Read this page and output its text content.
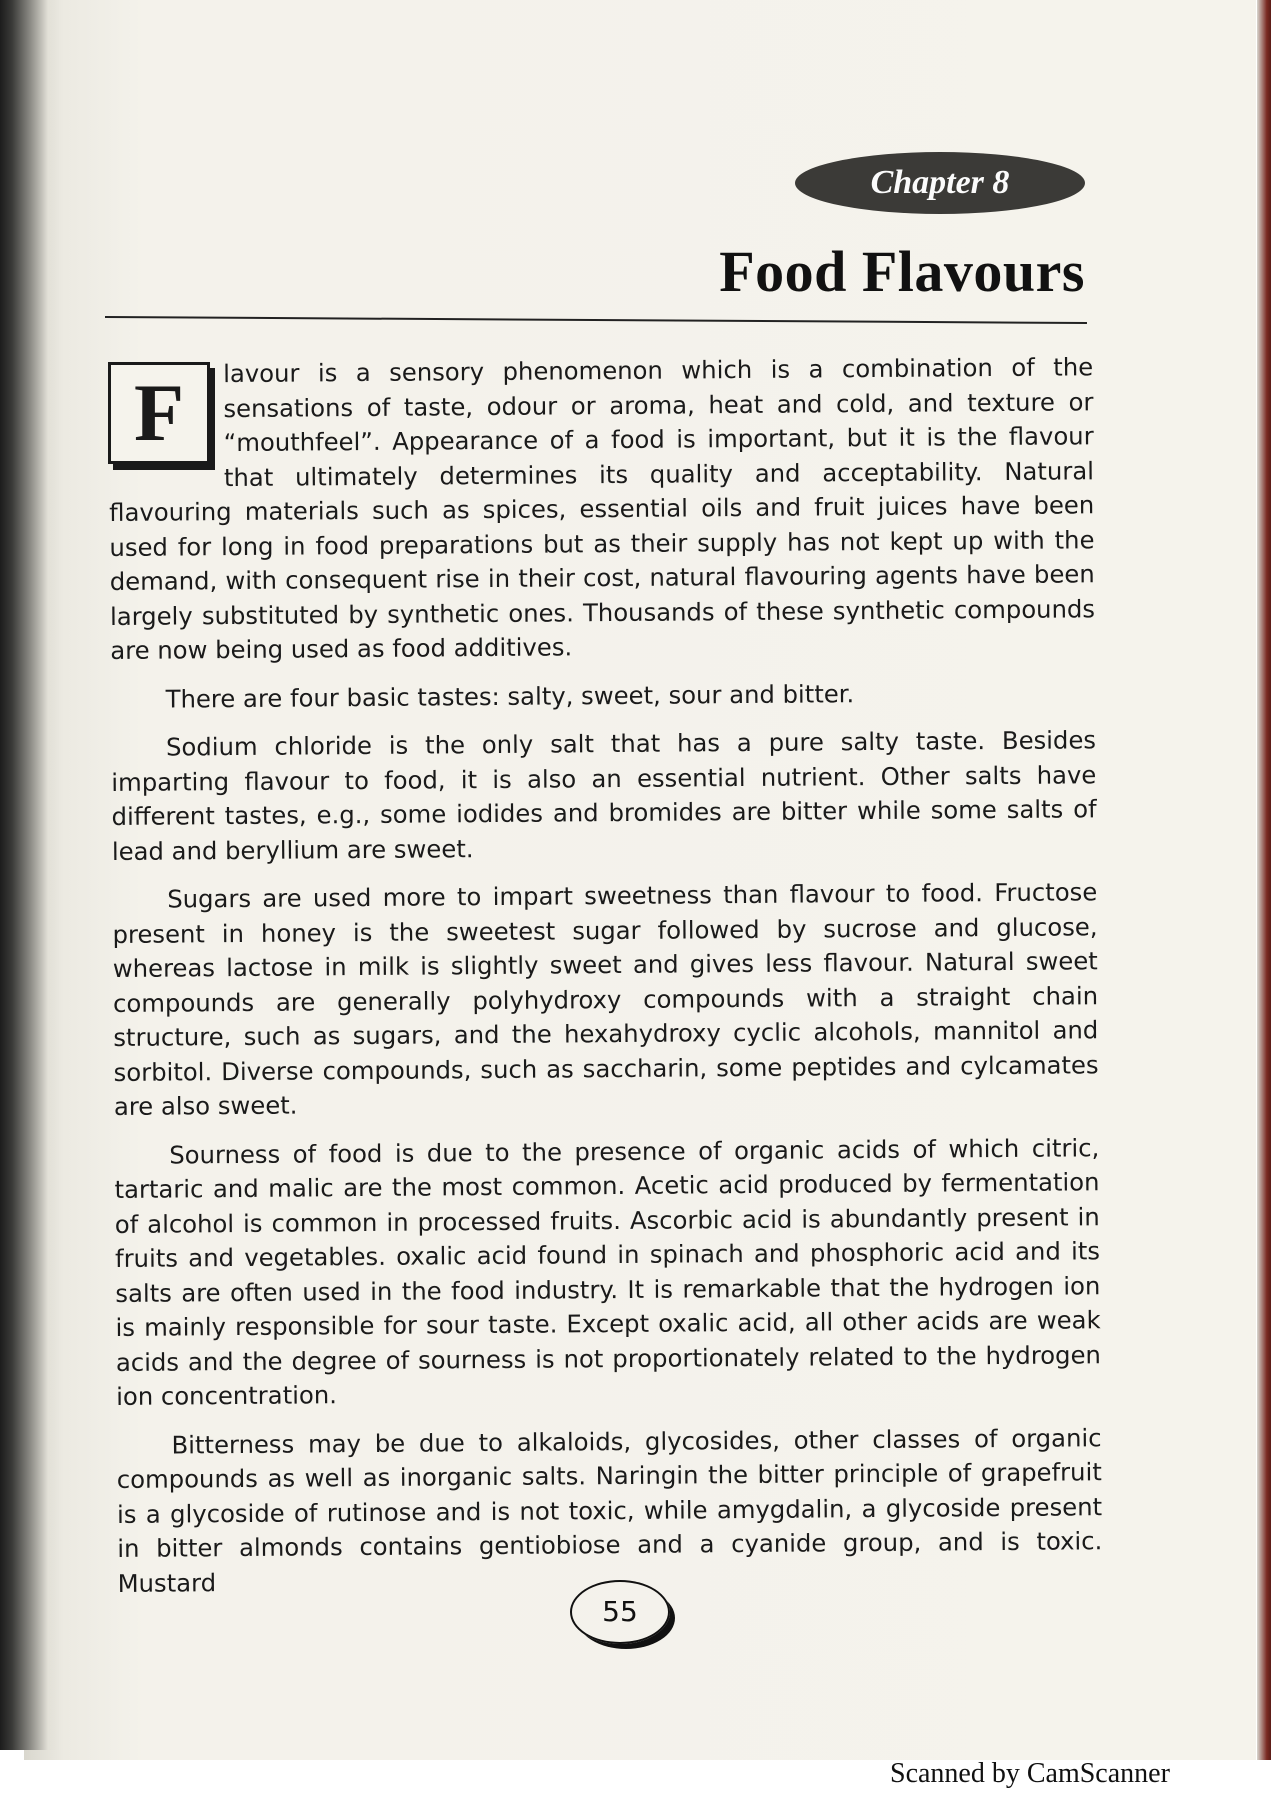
Chapter 8
Food Flavours
F	lavour is a sensory phenomenon which is a combination of the sensations of taste, odour or aroma, heat and cold, and texture or “mouthfeel”. Appearance of a food is important, but it is the flavour that ultimately determines its quality and acceptability. Natural flavouring materials such as spices, essential oils and fruit juices have been used for long in food preparations but as their supply has not kept up with the demand, with consequent rise in their cost, natural flavouring agents have been largely substituted by synthetic ones. Thousands of these synthetic compounds are now being used as food additives.

There are four basic tastes: salty, sweet, sour and bitter.

Sodium chloride is the only salt that has a pure salty taste. Besides imparting flavour to food, it is also an essential nutrient. Other salts have different tastes, e.g., some iodides and bromides are bitter while some salts of lead and beryllium are sweet.

Sugars are used more to impart sweetness than flavour to food. Fructose present in honey is the sweetest sugar followed by sucrose and glucose, whereas lactose in milk is slightly sweet and gives less flavour. Natural sweet compounds are generally polyhydroxy compounds with a straight chain structure, such as sugars, and the hexahydroxy cyclic alcohols, mannitol and sorbitol. Diverse compounds, such as saccharin, some peptides and cylcamates are also sweet.

Sourness of food is due to the presence of organic acids of which citric, tartaric and malic are the most common. Acetic acid produced by fermentation of alcohol is common in processed fruits. Ascorbic acid is abundantly present in fruits and vegetables. oxalic acid found in spinach and phosphoric acid and its salts are often used in the food industry. It is remarkable that the hydrogen ion is mainly responsible for sour taste. Except oxalic acid, all other acids are weak acids and the degree of sourness is not proportionately related to the hydrogen ion concentration.

Bitterness may be due to alkaloids, glycosides, other classes of organic compounds as well as inorganic salts. Naringin the bitter principle of grapefruit is a glycoside of rutinose and is not toxic, while amygdalin, a glycoside present in bitter almonds contains gentiobiose and a cyanide group, and is toxic. Mustard

55
Scanned by CamScanner
